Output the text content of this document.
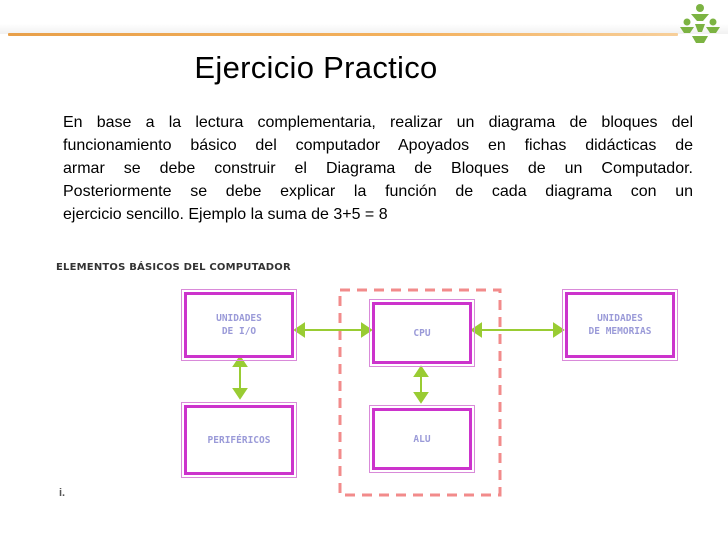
Ejercicio Practico
En base a la lectura complementaria, realizar un diagrama de bloques del
funcionamiento básico del computador Apoyados en fichas didácticas de
armar se debe construir el Diagrama de Bloques de un Computador.
Posteriormente se debe explicar la función de cada diagrama con un
ejercicio sencillo. Ejemplo la suma de 3+5 = 8
ELEMENTOS BÁSICOS DEL COMPUTADOR
UNIDADES
DE I/O	CPU
UNIDADES
DE MEMORIAS
PERIFÉRICOS	ALU
i.
